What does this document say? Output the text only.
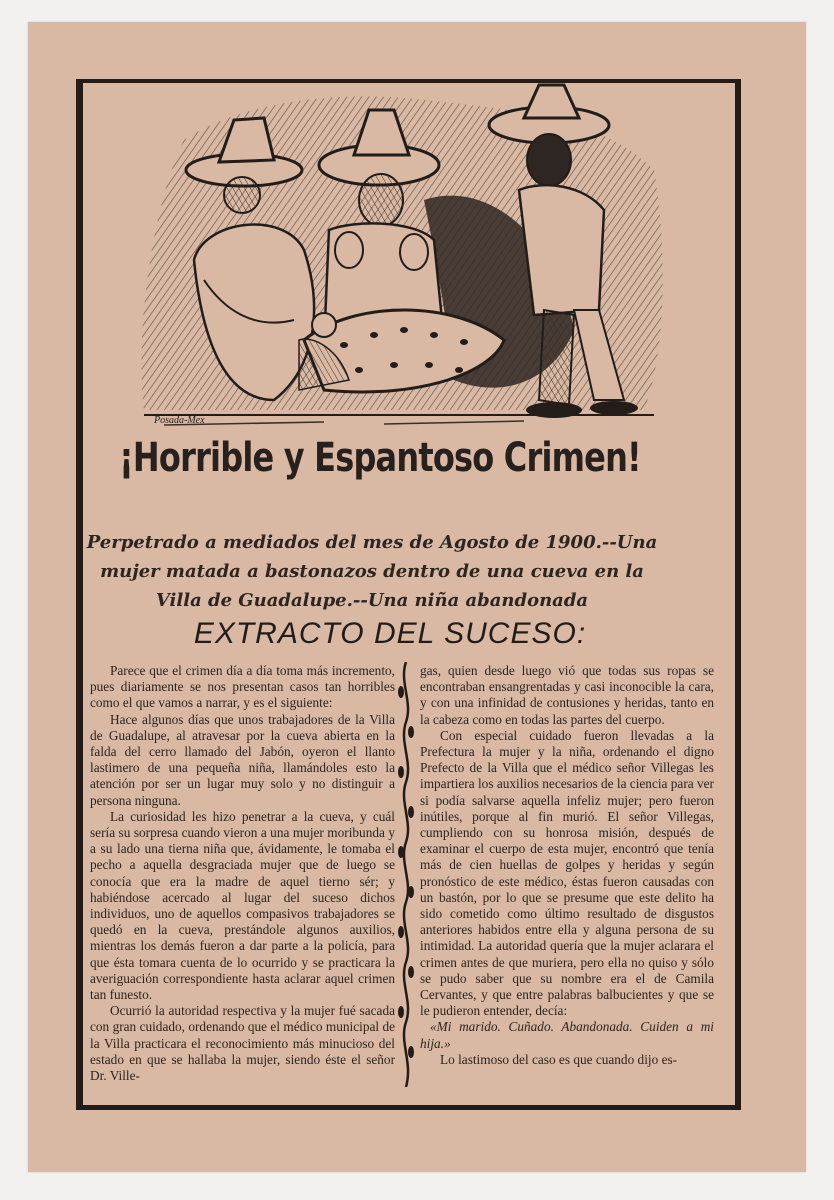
Posada-Mex
¡Horrible y Espantoso Crimen!
Perpetrado a mediados del mes de Agosto de 1900.--Una
mujer matada a bastonazos dentro de una cueva en la
Villa de Guadalupe.--Una niña abandonada
EXTRACTO DEL SUCESO:

Parece que el crimen día a día toma más incremento, pues diariamente se nos presentan casos tan horribles como el que vamos a narrar, y es el siguiente:

Hace algunos días que unos trabajadores de la Villa de Guadalupe, al atravesar por la cueva abierta en la falda del cerro llamado del Jabón, oyeron el llanto lastimero de una pequeña niña, llamándoles esto la atención por ser un lugar muy solo y no distinguir a persona ninguna.

La curiosidad les hizo penetrar a la cueva, y cuál sería su sorpresa cuando vieron a una mujer moribunda y a su lado una tierna niña que, ávidamente, le tomaba el pecho a aquella desgraciada mujer que de luego se conocía que era la madre de aquel tierno sér; y habiéndose acercado al lugar del suceso dichos individuos, uno de aquellos compasivos trabajadores se quedó en la cueva, prestándole algunos auxilios, mientras los demás fueron a dar parte a la policía, para que ésta tomara cuenta de lo ocurrido y se practicara la averiguación correspondiente hasta aclarar aquel crimen tan funesto.

Ocurrió la autoridad respectiva y la mujer fué sacada con gran cuidado, ordenando que el médico municipal de la Villa practicara el reconocimiento más minucioso del estado en que se hallaba la mujer, siendo éste el señor Dr. Ville-

gas, quien desde luego vió que todas sus ropas se encontraban ensangrentadas y casi inconocible la cara, y con una infinidad de contusiones y heridas, tanto en la cabeza como en todas las partes del cuerpo.

Con especial cuidado fueron llevadas a la Prefectura la mujer y la niña, ordenando el digno Prefecto de la Villa que el médico señor Villegas les impartiera los auxilios necesarios de la ciencia para ver si podía salvarse aquella infeliz mujer; pero fueron inútiles, porque al fin murió. El señor Villegas, cumpliendo con su honrosa misión, después de examinar el cuerpo de esta mujer, encontró que tenía más de cien huellas de golpes y heridas y según pronóstico de este médico, éstas fueron causadas con un bastón, por lo que se presume que este delito ha sido cometido como último resultado de disgustos anteriores habidos entre ella y alguna persona de su intimidad. La autoridad quería que la mujer aclarara el crimen antes de que muriera, pero ella no quiso y sólo se pudo saber que su nombre era el de Camila Cervantes, y que entre palabras balbucientes y que se le pudieron entender, decía:

«Mi marido. Cuñado. Abandonada. Cuiden a mi hija.»

Lo lastimoso del caso es que cuando dijo es-
